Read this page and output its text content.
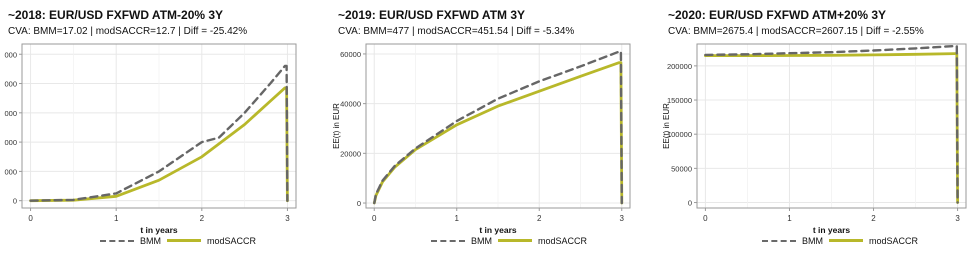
~2018: EUR/USD FXFWD ATM-20% 3Y
CVA: BMM=17.02 | modSACCR=12.7 | Diff = -25.42%
0	1	2	3
0
000
000
000
000
000
t in years
BMM	modSACCR
~2019: EUR/USD FXFWD ATM 3Y
CVA: BMM=477 | modSACCR=451.54 | Diff = -5.34%
0	1	2	3
0
20000
40000
60000
t in years
EE(t) in EUR
BMM	modSACCR
~2020: EUR/USD FXFWD ATM+20% 3Y
CVA: BMM=2675.4 | modSACCR=2607.15 | Diff = -2.55%
0	1	2	3
0
50000
100000
150000
200000
t in years
EE(t) in EUR
BMM	modSACCR
